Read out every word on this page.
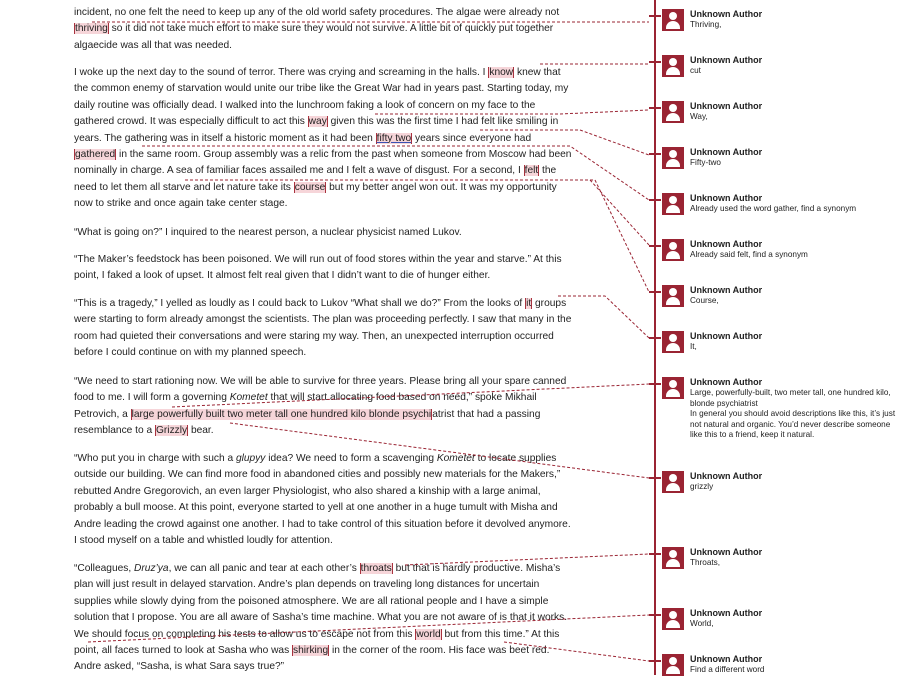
incident, no one felt the need to keep up any of the old world safety procedures. The algae were already not thriving so it did not take much effort to make sure they would not survive. A little bit of quickly put together algaecide was all that was needed.

I woke up the next day to the sound of terror. There was crying and screaming in the halls. I know knew that the common enemy of starvation would unite our tribe like the Great War had in years past. Starting today, my daily routine was officially dead. I walked into the lunchroom faking a look of concern on my face to the gathered crowd. It was especially difficult to act this way given this was the first time I had felt like smiling in years. The gathering was in itself a historic moment as it had been fifty two years since everyone had gathered in the same room. Group assembly was a relic from the past when someone from Moscow had been nominally in charge. A sea of familiar faces assailed me and I felt a wave of disgust. For a second, I felt the need to let them all starve and let nature take its course but my better angel won out. It was my opportunity now to strike and once again take center stage.

“What is going on?” I inquired to the nearest person, a nuclear physicist named Lukov.

“The Maker’s feedstock has been poisoned. We will run out of food stores within the year and starve.” At this point, I faked a look of upset. It almost felt real given that I didn’t want to die of hunger either.

“This is a tragedy,” I yelled as loudly as I could back to Lukov “What shall we do?” From the looks of it groups were starting to form already amongst the scientists. The plan was proceeding perfectly. I saw that many in the room had quieted their conversations and were staring my way. Then, an unexpected interruption occurred before I could continue on with my planned speech.

“We need to start rationing now. We will be able to survive for three years. Please bring all your spare canned food to me. I will form a governing Kometet that will start allocating food based on need,” spoke Mikhail Petrovich, a large powerfully built two meter tall one hundred kilo blonde psychiatrist that had a passing resemblance to a Grizzly bear.

“Who put you in charge with such a glupyy idea? We need to form a scavenging Kometet to locate supplies outside our building. We can find more food in abandoned cities and possibly new materials for the Makers,” rebutted Andre Gregorovich, an even larger Physiologist, who also shared a kinship with a large animal, probably a bull moose. At this point, everyone started to yell at one another in a huge tumult with Misha and Andre leading the crowd against one another. I had to take control of this situation before it devolved anymore. I stood myself on a table and whistled loudly for attention.

“Colleagues, Druz’ya, we can all panic and tear at each other’s throats but that is hardly productive. Misha’s plan will just result in delayed starvation. Andre’s plan depends on traveling long distances for uncertain supplies while slowly dying from the poisoned atmosphere. We are all rational people and I have a simple solution that I propose. You are all aware of Sasha’s time machine. What you are not aware of is that it works. We should focus on completing his tests to allow us to escape not from this world but from this time.” At this point, all faces turned to look at Sasha who was shirking in the corner of the room. His face was beet red. Andre asked, “Sasha, is what Sara says true?”

Unknown Author
Thriving,
Unknown Author
cut
Unknown Author
Way,
Unknown Author
Fifty-two
Unknown Author
Already used the word gather, find a synonym
Unknown Author
Already said felt, find a synonym
Unknown Author
Course,
Unknown Author
It,
Unknown Author
Large, powerfully-built, two meter tall, one hundred kilo, blonde psychiatrist
In general you should avoid descriptions like this, it’s just not natural and organic. You’d never describe someone like this to a friend, keep it natural.
Unknown Author
grizzly
Unknown Author
Throats,
Unknown Author
World,
Unknown Author
Find a different word
